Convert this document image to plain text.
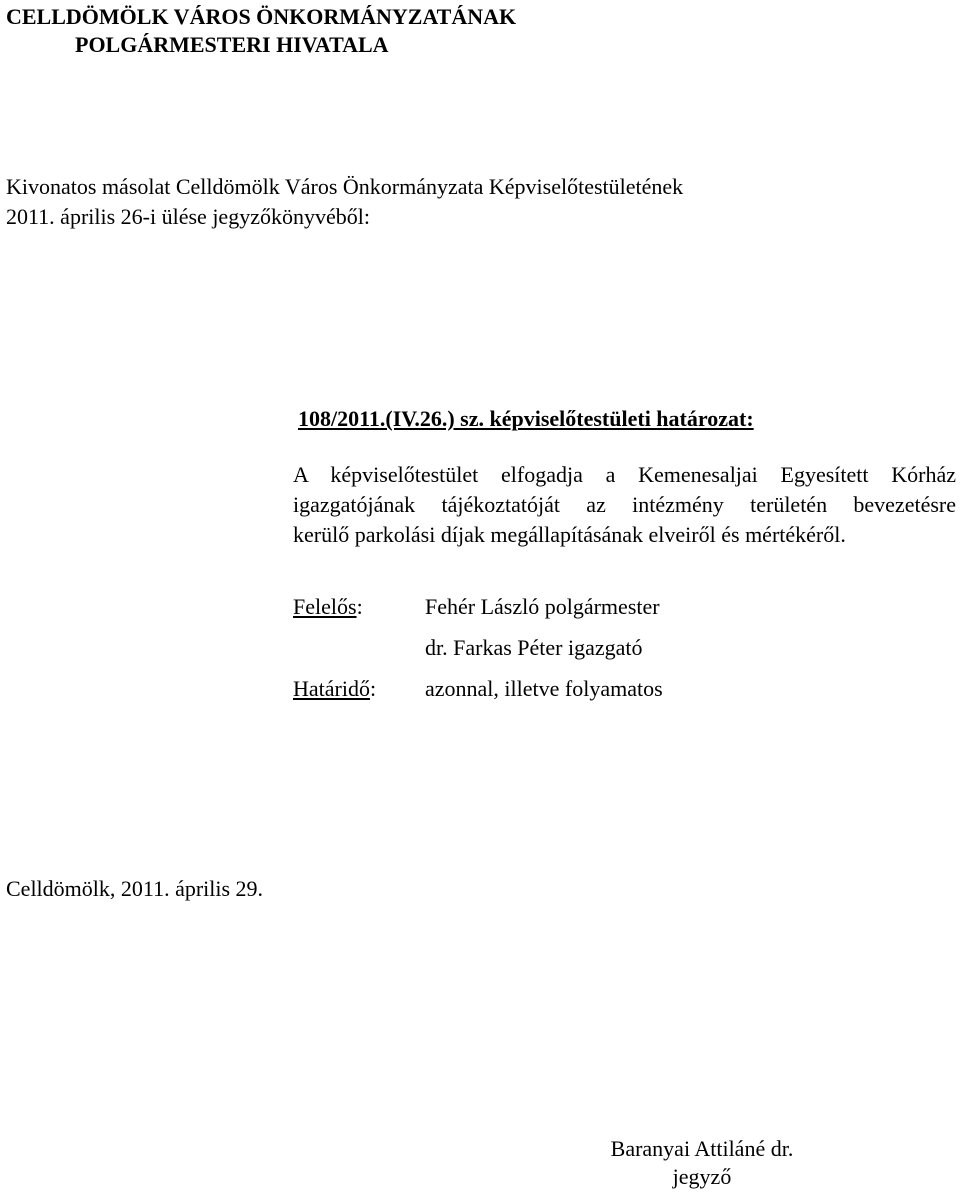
CELLDÖMÖLK VÁROS ÖNKORMÁNYZATÁNAK
POLGÁRMESTERI HIVATALA
Kivonatos másolat Celldömölk Város Önkormányzata Képviselőtestületének 2011. április 26-i ülése jegyzőkönyvéből:
108/2011.(IV.26.) sz. képviselőtestületi határozat:
A képviselőtestület elfogadja a Kemenesaljai Egyesített Kórház
igazgatójának tájékoztatóját az intézmény területén bevezetésre
kerülő parkolási díjak megállapításának elveiről és mértékéről.
Felelős:	Fehér László polgármester
dr. Farkas Péter igazgató
Határidő: azonnal, illetve folyamatos
Celldömölk, 2011. április 29.
Baranyai Attiláné dr.
jegyző
